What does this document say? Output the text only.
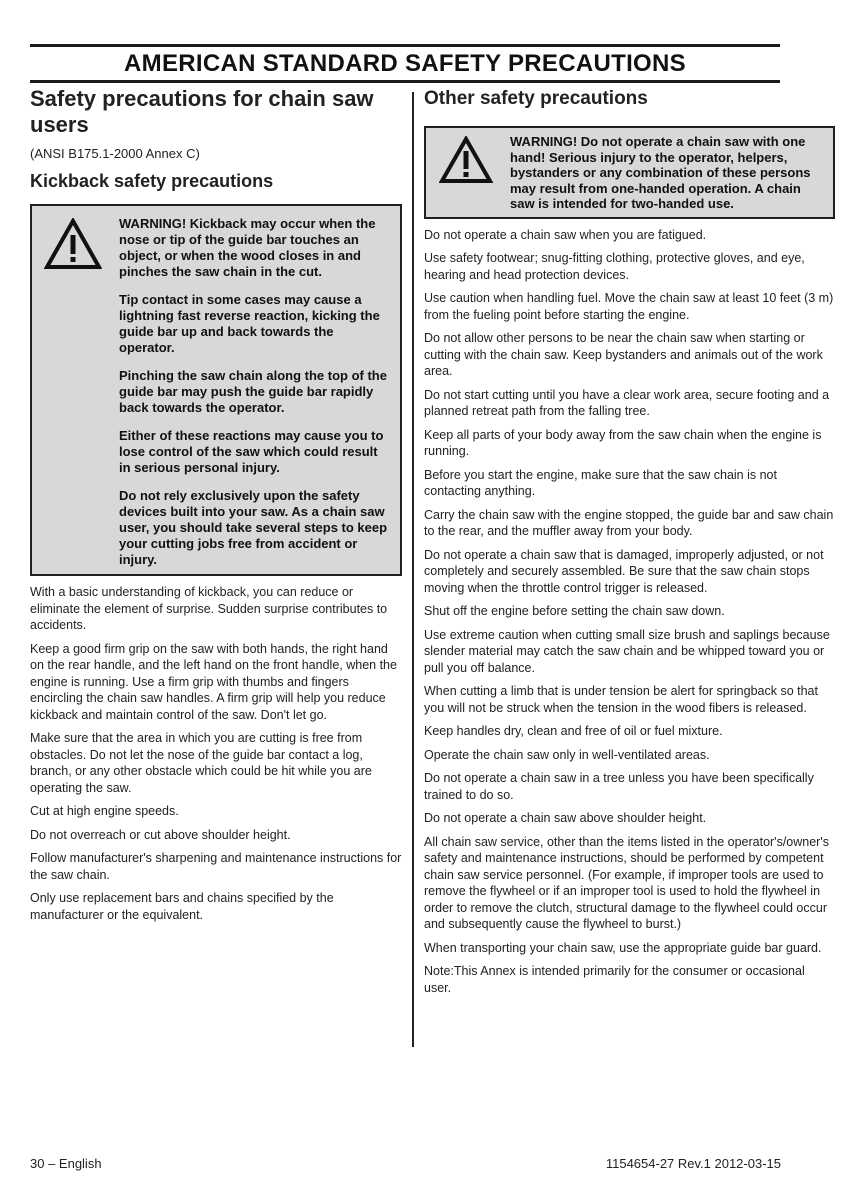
AMERICAN STANDARD SAFETY PRECAUTIONS
Safety precautions for chain saw users
(ANSI B175.1-2000 Annex C)
Kickback safety precautions

WARNING! Kickback may occur when the nose or tip of the guide bar touches an object, or when the wood closes in and pinches the saw chain in the cut.

Tip contact in some cases may cause a lightning fast reverse reaction, kicking the guide bar up and back towards the operator.

Pinching the saw chain along the top of the guide bar may push the guide bar rapidly back towards the operator.

Either of these reactions may cause you to lose control of the saw which could result in serious personal injury.

Do not rely exclusively upon the safety devices built into your saw. As a chain saw user, you should take several steps to keep your cutting jobs free from accident or injury.

With a basic understanding of kickback, you can reduce or eliminate the element of surprise. Sudden surprise contributes to accidents.

Keep a good firm grip on the saw with both hands, the right hand on the rear handle, and the left hand on the front handle, when the engine is running. Use a firm grip with thumbs and fingers encircling the chain saw handles. A firm grip will help you reduce kickback and maintain control of the saw. Don't let go.

Make sure that the area in which you are cutting is free from obstacles. Do not let the nose of the guide bar contact a log, branch, or any other obstacle which could be hit while you are operating the saw.

Cut at high engine speeds.

Do not overreach or cut above shoulder height.

Follow manufacturer's sharpening and maintenance instructions for the saw chain.

Only use replacement bars and chains specified by the manufacturer or the equivalent.

Other safety precautions

WARNING! Do not operate a chain saw with one hand! Serious injury to the operator, helpers, bystanders or any combination of these persons may result from one-handed operation. A chain saw is intended for two-handed use.

Do not operate a chain saw when you are fatigued.

Use safety footwear; snug-fitting clothing, protective gloves, and eye, hearing and head protection devices.

Use caution when handling fuel. Move the chain saw at least 10 feet (3 m) from the fueling point before starting the engine.

Do not allow other persons to be near the chain saw when starting or cutting with the chain saw. Keep bystanders and animals out of the work area.

Do not start cutting until you have a clear work area, secure footing and a planned retreat path from the falling tree.

Keep all parts of your body away from the saw chain when the engine is running.

Before you start the engine, make sure that the saw chain is not contacting anything.

Carry the chain saw with the engine stopped, the guide bar and saw chain to the rear, and the muffler away from your body.

Do not operate a chain saw that is damaged, improperly adjusted, or not completely and securely assembled. Be sure that the saw chain stops moving when the throttle control trigger is released.

Shut off the engine before setting the chain saw down.

Use extreme caution when cutting small size brush and saplings because slender material may catch the saw chain and be whipped toward you or pull you off balance.

When cutting a limb that is under tension be alert for springback so that you will not be struck when the tension in the wood fibers is released.

Keep handles dry, clean and free of oil or fuel mixture.

Operate the chain saw only in well-ventilated areas.

Do not operate a chain saw in a tree unless you have been specifically trained to do so.

Do not operate a chain saw above shoulder height.

All chain saw service, other than the items listed in the operator's/owner's safety and maintenance instructions, should be performed by competent chain saw service personnel. (For example, if improper tools are used to remove the flywheel or if an improper tool is used to hold the flywheel in order to remove the clutch, structural damage to the flywheel could occur and subsequently cause the flywheel to burst.)

When transporting your chain saw, use the appropriate guide bar guard.

Note:This Annex is intended primarily for the consumer or occasional user.

30 – English	1154654-27 Rev.1 2012-03-15
